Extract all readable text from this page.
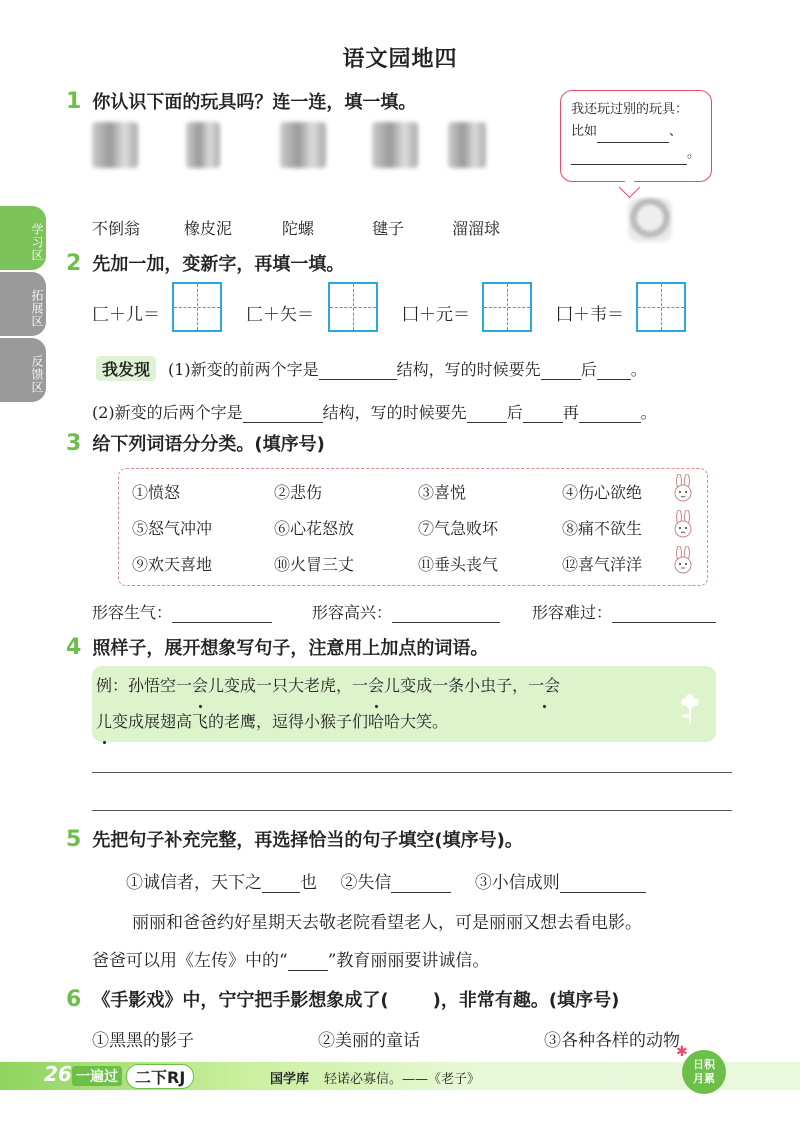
语文园地四
学习区
拓展区
反馈区
1 你认识下面的玩具吗？连一连，填一填。
不倒翁	橡皮泥	陀螺	毽子	溜溜球
我还玩过别的玩具：
比如	、
。
2 先加一加，变新字，再填一填。
匚＋儿＝	匚＋矢＝	囗＋元＝	囗＋韦＝
我发现	(1)新变的前两个字是	结构，写的时候要先	后 。
(2)新变的后两个字是	结构，写的时候要先	后	再	。
3 给下列词语分分类。(填序号)
①愤怒	②悲伤	③喜悦	④伤心欲绝
⑤怒气冲冲	⑥心花怒放	⑦气急败坏	⑧痛不欲生
⑨欢天喜地	⑩火冒三丈	⑪垂头丧气	⑫喜气洋洋
形容生气：	形容高兴：	形容难过：
4 照样子，展开想象写句子，注意用上加点的词语。
例：孙悟空一会儿变成一只大老虎，一会儿变成一条小虫子，一会
儿变成展翅高飞的老鹰，逗得小猴子们哈哈大笑。
5 先把句子补充完整，再选择恰当的句子填空(填序号)。
①诚信者，天下之 也 ②失信	③小信成则
丽丽和爸爸约好星期天去敬老院看望老人，可是丽丽又想去看电影。
爸爸可以用《左传》中的“ ”教育丽丽要讲诚信。
6 《手影戏》中，宁宁把手影想象成了( )，非常有趣。(填序号)
①黑黑的影子	②美丽的童话	③各种各样的动物
26 一遍过	二下RJ	国学库 轻诺必寡信。——《老子》
日积
月累
✱
